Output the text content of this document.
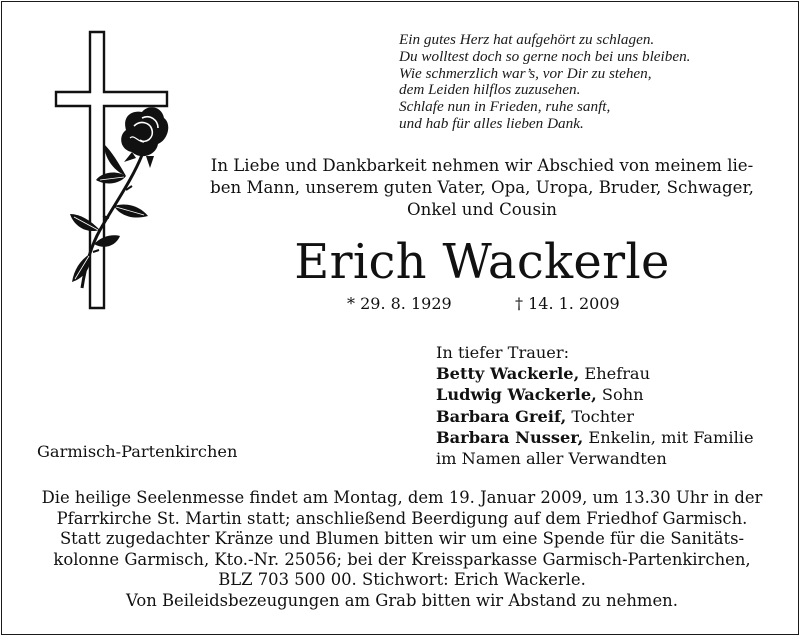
Ein gutes Herz hat aufgehört zu schlagen.
Du wolltest doch so gerne noch bei uns bleiben.
Wie schmerzlich war’s, vor Dir zu stehen,
dem Leiden hilflos zuzusehen.
Schlafe nun in Frieden, ruhe sanft,
und hab für alles lieben Dank.
In Liebe und Dankbarkeit nehmen wir Abschied von meinem lie-
ben Mann, unserem guten Vater, Opa, Uropa, Bruder, Schwager,
Onkel und Cousin
Erich Wackerle
* 29. 8. 1929	† 14. 1. 2009
In tiefer Trauer:
Betty Wackerle, Ehefrau
Ludwig Wackerle, Sohn
Barbara Greif, Tochter
Barbara Nusser, Enkelin, mit Familie
im Namen aller Verwandten
Garmisch-Partenkirchen
Die heilige Seelenmesse findet am Montag, dem 19. Januar 2009, um 13.30 Uhr in der
Pfarrkirche St. Martin statt; anschließend Beerdigung auf dem Friedhof Garmisch.
Statt zugedachter Kränze und Blumen bitten wir um eine Spende für die Sanitäts-
kolonne Garmisch, Kto.-Nr. 25056; bei der Kreissparkasse Garmisch-Partenkirchen,
BLZ 703 500 00. Stichwort: Erich Wackerle.
Von Beileidsbezeugungen am Grab bitten wir Abstand zu nehmen.
